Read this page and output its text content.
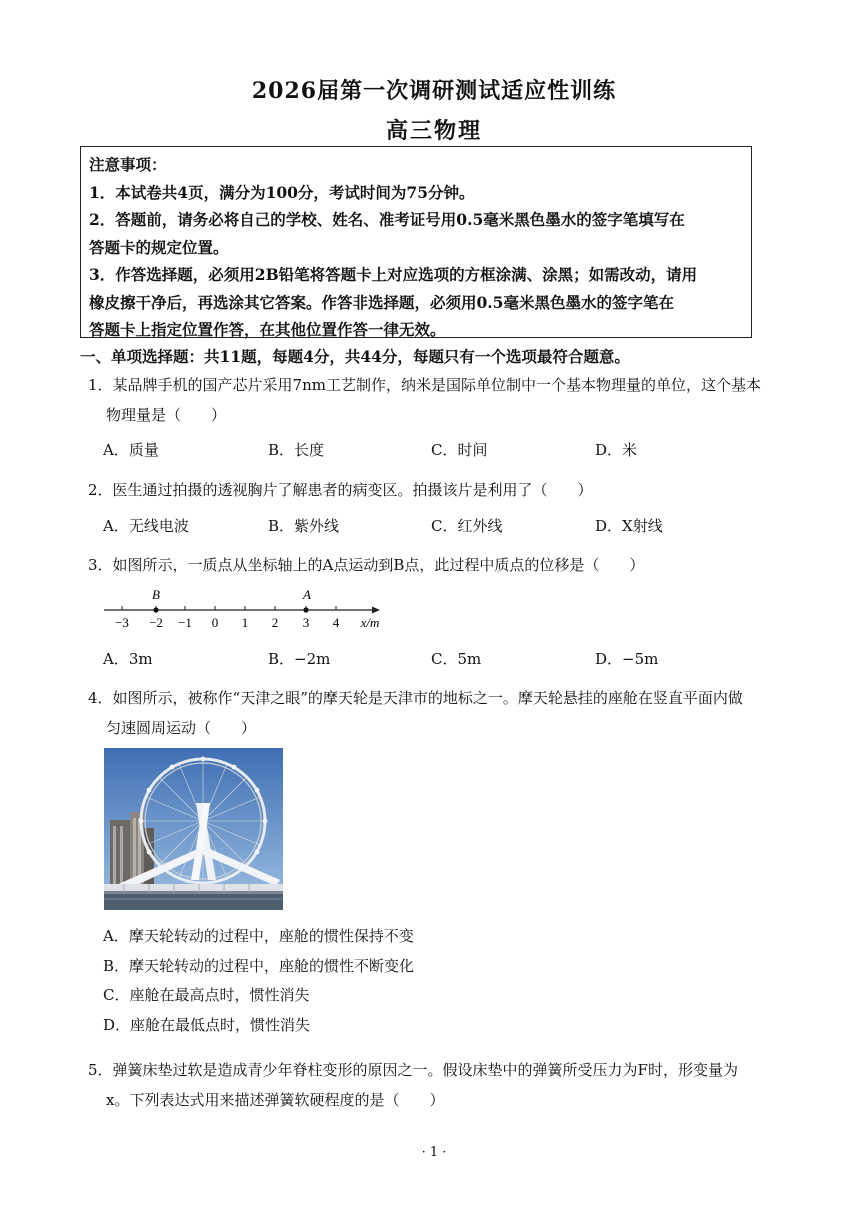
2026届第一次调研测试适应性训练
高三物理

注意事项：

1．本试卷共4页，满分为100分，考试时间为75分钟。

2．答题前，请务必将自己的学校、姓名、准考证号用0.5毫米黑色墨水的签字笔填写在

答题卡的规定位置。

3．作答选择题，必须用2B铅笔将答题卡上对应选项的方框涂满、涂黑；如需改动，请用

橡皮擦干净后，再选涂其它答案。作答非选择题，必须用0.5毫米黑色墨水的签字笔在

答题卡上指定位置作答，在其他位置作答一律无效。

一、单项选择题：共11题，每题4分，共44分，每题只有一个选项最符合题意。

1．某品牌手机的国产芯片采用7nm工艺制作，纳米是国际单位制中一个基本物理量的单位，这个基本

物理量是（　　）

A．质量	B．长度	C．时间	D．米

2．医生通过拍摄的透视胸片了解患者的病变区。拍摄该片是利用了（　　）

A．无线电波	B．紫外线	C．红外线	D．X射线

3．如图所示，一质点从坐标轴上的A点运动到B点，此过程中质点的位移是（　　）

B	A
−3 −2 −1 0 1 2 3 4 x/m
A．3m	B．−2m	C．5m	D．−5m

4．如图所示，被称作“天津之眼”的摩天轮是天津市的地标之一。摩天轮悬挂的座舱在竖直平面内做

匀速圆周运动（　　）

A．摩天轮转动的过程中，座舱的惯性保持不变
B．摩天轮转动的过程中，座舱的惯性不断变化
C．座舱在最高点时，惯性消失
D．座舱在最低点时，惯性消失

5．弹簧床垫过软是造成青少年脊柱变形的原因之一。假设床垫中的弹簧所受压力为F时，形变量为

x。下列表达式用来描述弹簧软硬程度的是（　　）

· 1 ·
